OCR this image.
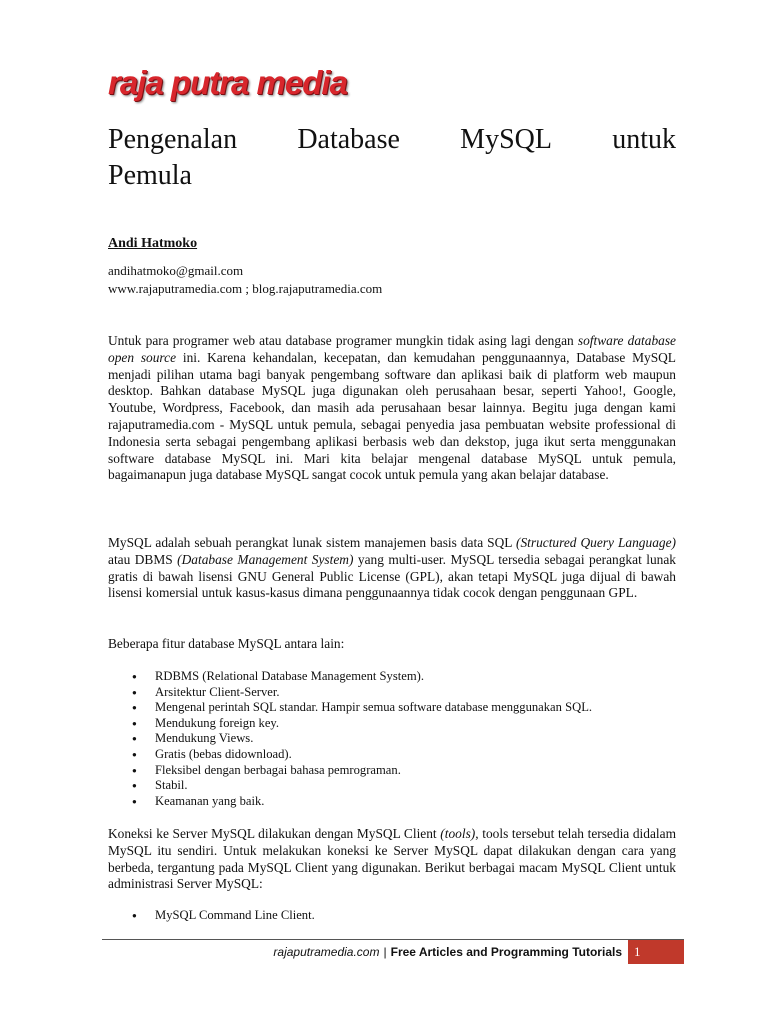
raja putra media
Pengenalan Database MySQL untuk
Pemula
Andi Hatmoko
andihatmoko@gmail.com
www.rajaputramedia.com ; blog.rajaputramedia.com
Untuk para programer web atau database programer mungkin tidak asing lagi dengan software database open source ini. Karena kehandalan, kecepatan, dan kemudahan penggunaannya, Database MySQL menjadi pilihan utama bagi banyak pengembang software dan aplikasi baik di platform web maupun desktop. Bahkan database MySQL juga digunakan oleh perusahaan besar, seperti Yahoo!, Google, Youtube, Wordpress, Facebook, dan masih ada perusahaan besar lainnya. Begitu juga dengan kami rajaputramedia.com - MySQL untuk pemula, sebagai penyedia jasa pembuatan website professional di Indonesia serta sebagai pengembang aplikasi berbasis web dan dekstop, juga ikut serta menggunakan software database MySQL ini. Mari kita belajar mengenal database MySQL untuk pemula, bagaimanapun juga database MySQL sangat cocok untuk pemula yang akan belajar database.
MySQL adalah sebuah perangkat lunak sistem manajemen basis data SQL (Structured Query Language) atau DBMS (Database Management System) yang multi-user. MySQL tersedia sebagai perangkat lunak gratis di bawah lisensi GNU General Public License (GPL), akan tetapi MySQL juga dijual di bawah lisensi komersial untuk kasus-kasus dimana penggunaannya tidak cocok dengan penggunaan GPL.
Beberapa fitur database MySQL antara lain:
● RDBMS (Relational Database Management System).
● Arsitektur Client-Server.
● Mengenal perintah SQL standar. Hampir semua software database menggunakan SQL.
● Mendukung foreign key.
● Mendukung Views.
● Gratis (bebas didownload).
● Fleksibel dengan berbagai bahasa pemrograman.
● Stabil.
● Keamanan yang baik.
Koneksi ke Server MySQL dilakukan dengan MySQL Client (tools), tools tersebut telah tersedia didalam MySQL itu sendiri. Untuk melakukan koneksi ke Server MySQL dapat dilakukan dengan cara yang berbeda, tergantung pada MySQL Client yang digunakan. Berikut berbagai macam MySQL Client untuk administrasi Server MySQL:
● MySQL Command Line Client.
rajaputramedia.com | Free Articles and Programming Tutorials 1
